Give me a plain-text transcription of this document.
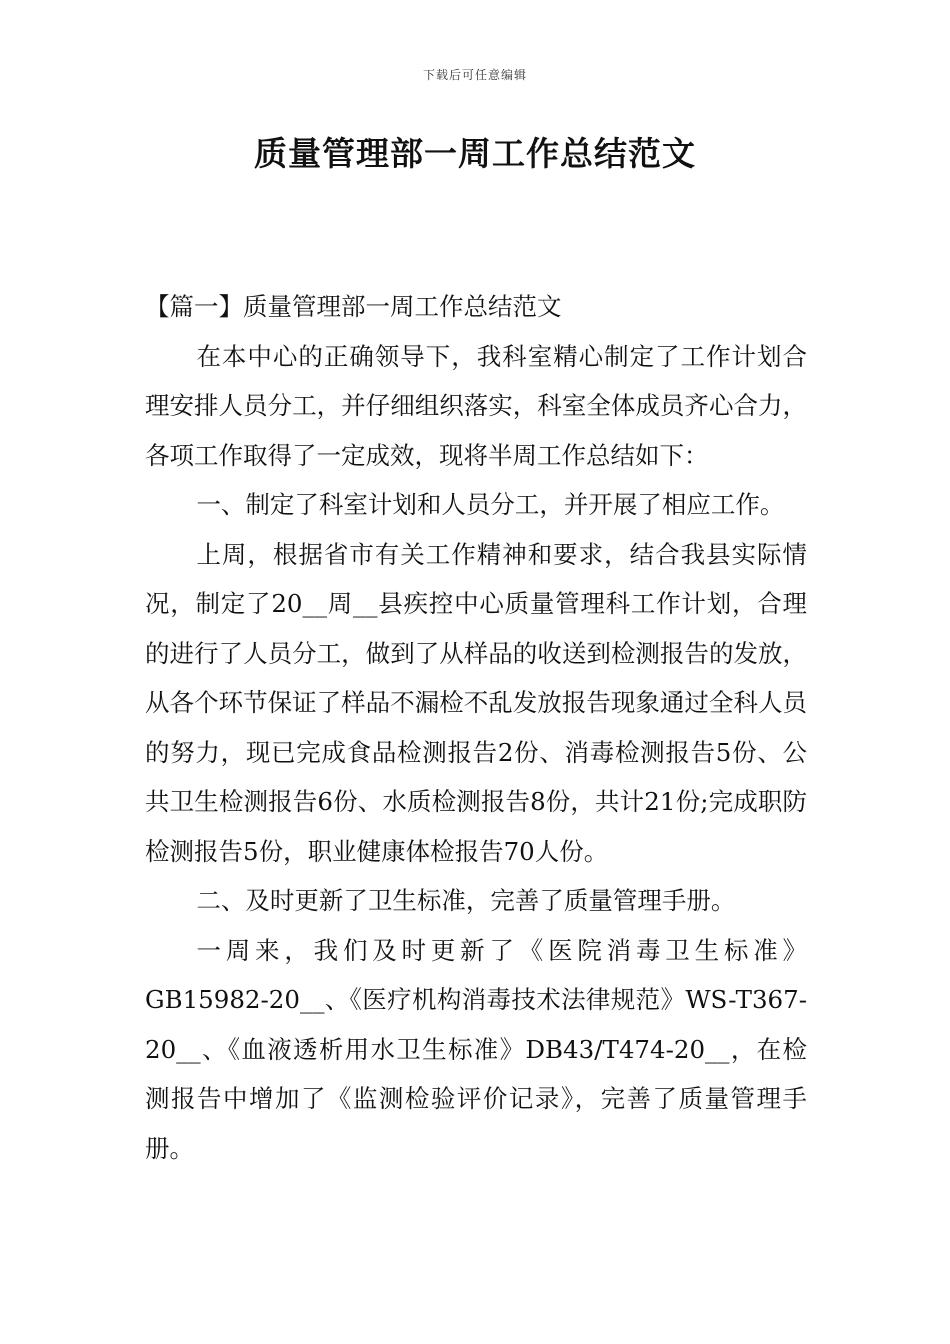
下载后可任意编辑
质量管理部一周工作总结范文

【篇一】质量管理部一周工作总结范文

在本中心的正确领导下，我科室精心制定了工作计划合理安排人员分工，并仔细组织落实，科室全体成员齐心合力，各项工作取得了一定成效，现将半周工作总结如下：

一、制定了科室计划和人员分工，并开展了相应工作。

上周，根据省市有关工作精神和要求，结合我县实际情况，制定了20__周__县疾控中心质量管理科工作计划，合理的进行了人员分工，做到了从样品的收送到检测报告的发放，从各个环节保证了样品不漏检不乱发放报告现象通过全科人员的努力，现已完成食品检测报告2份、消毒检测报告5份、公共卫生检测报告6份、水质检测报告8份，共计21份;完成职防检测报告5份，职业健康体检报告70人份。

二、及时更新了卫生标准，完善了质量管理手册。

一周来，我们及时更新了《医院消毒卫生标准》GB15982-20__、《医疗机构消毒技术法律规范》WS-T367-20__、《血液透析用水卫生标准》DB43/T474-20__，在检测报告中增加了《监测检验评价记录》，完善了质量管理手册。
